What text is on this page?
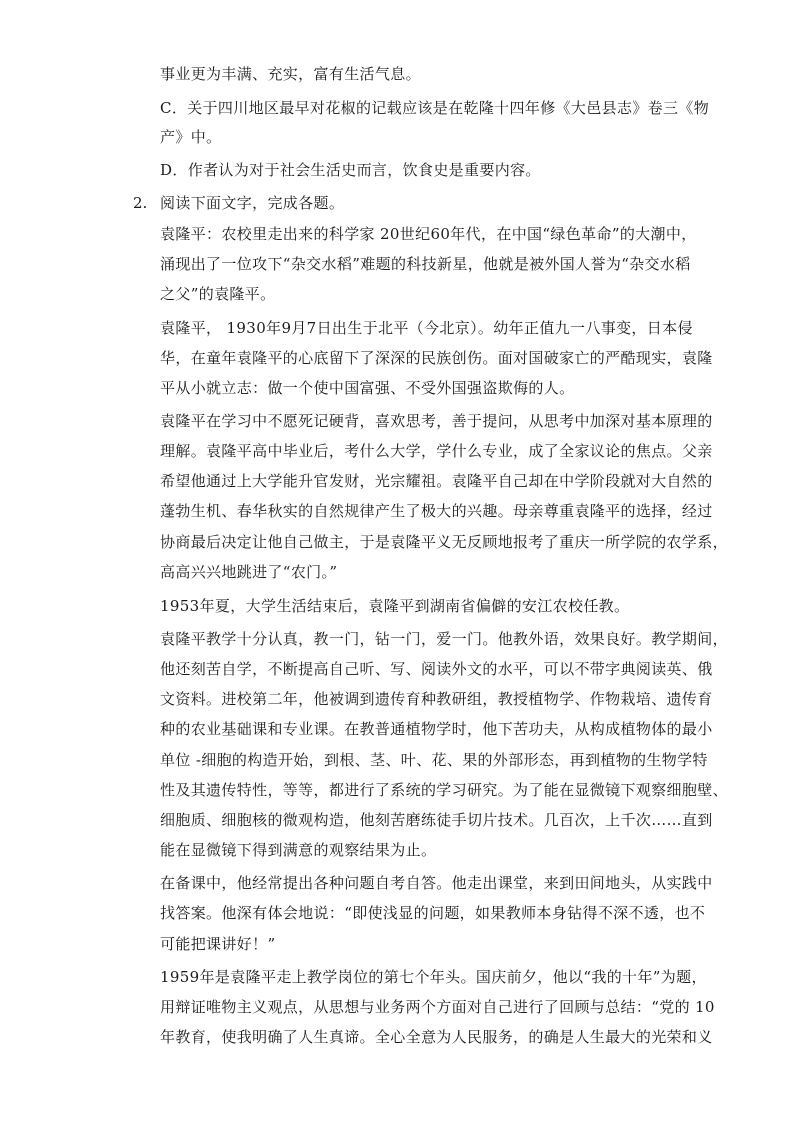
2.
事业更为丰满、充实，富有生活气息。
C．关于四川地区最早对花椒的记载应该是在乾隆十四年修《大邑县志》卷三《物
产》中。
D．作者认为对于社会生活史而言，饮食史是重要内容。
阅读下面文字，完成各题。
袁隆平：农校里走出来的科学家 20世纪60年代，在中国“绿色革命”的大潮中，
涌现出了一位攻下“杂交水稻”难题的科技新星，他就是被外国人誉为“杂交水稻
之父”的袁隆平。
袁隆平， 1930年9月7日出生于北平（今北京）。幼年正值九一八事变，日本侵
华，在童年袁隆平的心底留下了深深的民族创伤。面对国破家亡的严酷现实，袁隆
平从小就立志：做一个使中国富强、不受外国强盗欺侮的人。
袁隆平在学习中不愿死记硬背，喜欢思考，善于提问，从思考中加深对基本原理的
理解。袁隆平高中毕业后，考什么大学，学什么专业，成了全家议论的焦点。父亲
希望他通过上大学能升官发财，光宗耀祖。袁隆平自己却在中学阶段就对大自然的
蓬勃生机、春华秋实的自然规律产生了极大的兴趣。母亲尊重袁隆平的选择，经过
协商最后决定让他自己做主，于是袁隆平义无反顾地报考了重庆一所学院的农学系，
高高兴兴地跳进了“农门。”
1953年夏，大学生活结束后，袁隆平到湖南省偏僻的安江农校任教。
袁隆平教学十分认真，教一门，钻一门，爱一门。他教外语，效果良好。教学期间，
他还刻苦自学，不断提高自己听、写、阅读外文的水平，可以不带字典阅读英、俄
文资料。进校第二年，他被调到遗传育种教研组，教授植物学、作物栽培、遗传育
种的农业基础课和专业课。在教普通植物学时，他下苦功夫，从构成植物体的最小
单位 -细胞的构造开始，到根、茎、叶、花、果的外部形态，再到植物的生物学特
性及其遗传特性，等等，都进行了系统的学习研究。为了能在显微镜下观察细胞壁、
细胞质、细胞核的微观构造，他刻苦磨练徒手切片技术。几百次，上千次……直到
能在显微镜下得到满意的观察结果为止。
在备课中，他经常提出各种问题自考自答。他走出课堂，来到田间地头，从实践中
找答案。他深有体会地说：“即使浅显的问题，如果教师本身钻得不深不透，也不
可能把课讲好！”
1959年是袁隆平走上教学岗位的第七个年头。国庆前夕，他以“我的十年”为题，
用辩证唯物主义观点，从思想与业务两个方面对自己进行了回顾与总结：“党的 10
年教育，使我明确了人生真谛。全心全意为人民服务，的确是人生最大的光荣和义
